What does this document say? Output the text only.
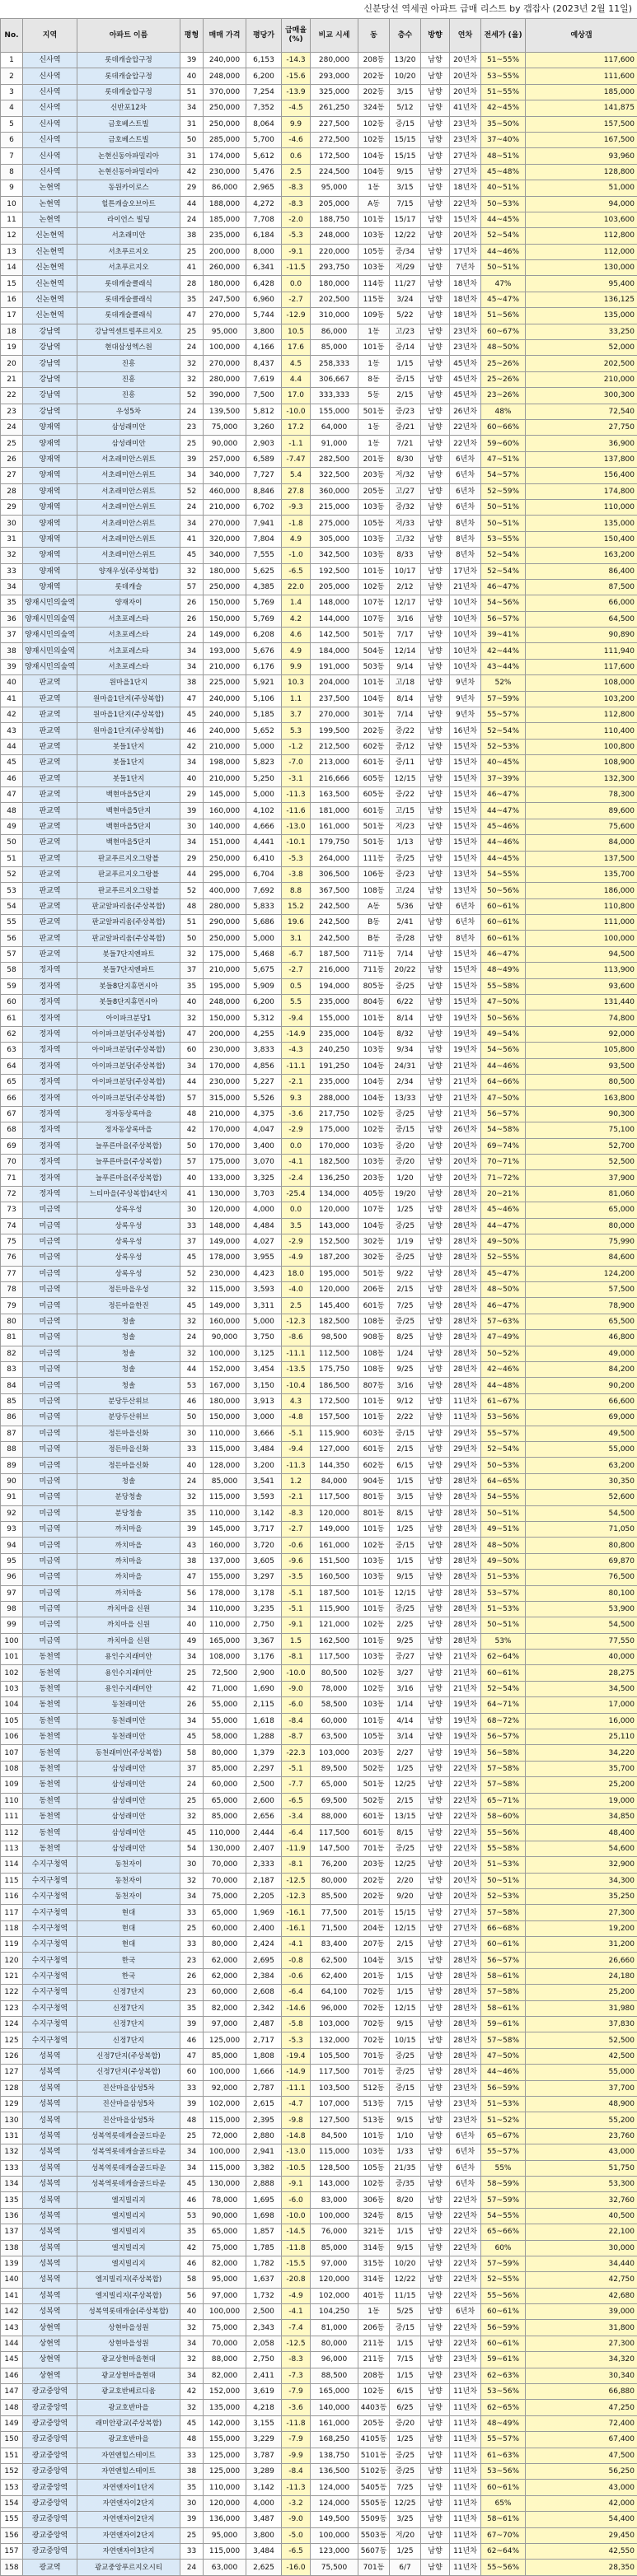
신분당선 역세권 아파트 급매 리스트 by 갭잡사 (2023년 2월 11일)
No.	지역	아파트 이름	평형	매매 가격	평당가	급매율 (%)	비교 시세	동	층수	방향	연차	전세가 (율)	예상갭
1	신사역	롯데캐슬압구정	39	240,000	6,153	-14.3	280,000	208동	13/20	남향	20년차	51~55%	117,600
2	신사역	롯데캐슬압구정	40	248,000	6,200	-15.6	293,000	202동	10/20	남향	20년차	53~55%	111,600
3	신사역	롯데캐슬압구정	51	370,000	7,254	-13.9	325,000	202동	3/15	남향	20년차	51~55%	185,000
4	신사역	신반포12차	34	250,000	7,352	-4.5	261,250	324동	5/12	남향	41년차	42~45%	141,875
5	신사역	금호베스트빌	31	250,000	8,064	9.9	227,500	102동	중/15	남향	23년차	35~50%	157,500
6	신사역	금호베스트빌	50	285,000	5,700	-4.6	272,500	102동	15/15	남향	23년차	37~40%	167,500
7	신사역	논현신동아파밀리아	31	174,000	5,612	0.6	172,500	104동	15/15	남향	27년차	48~51%	93,960
8	신사역	논현신동아파밀리아	42	230,000	5,476	2.5	224,500	104동	9/15	남향	27년차	45~48%	128,800
9	논현역	동원카이로스	29	86,000	2,965	-8.3	95,000	1동	3/15	남향	18년차	40~51%	51,000
10	논현역	힐튼캐슬오브아트	44	188,000	4,272	-8.3	205,000	A동	7/15	남향	22년차	50~53%	94,000
11	논현역	라이언스 빌딩	24	185,000	7,708	-2.0	188,750	101동	15/17	남향	15년차	44~45%	103,600
12	신논현역	서초래미안	38	235,000	6,184	-5.3	248,000	103동	12/22	남향	20년차	52~54%	112,800
13	신논현역	서초푸르지오	25	200,000	8,000	-9.1	220,000	105동	중/34	남향	17년차	44~46%	112,000
14	신논현역	서초푸르지오	41	260,000	6,341	-11.5	293,750	103동	저/29	남향	7년차	50~51%	130,000
15	신논현역	롯데캐슬클래식	28	180,000	6,428	0.0	180,000	114동	11/27	남향	18년차	47%	95,400
16	신논현역	롯데캐슬클래식	35	247,500	6,960	-2.7	202,500	115동	3/24	남향	18년차	45~47%	136,125
17	신논현역	롯데캐슬클래식	47	270,000	5,744	-12.9	310,000	109동	5/22	남향	18년차	51~56%	135,000
18	강남역	강남역센트럴푸르지오	25	95,000	3,800	10.5	86,000	1동	고/23	남향	23년차	60~67%	33,250
19	강남역	현대삼성엑스원	24	100,000	4,166	17.6	85,000	101동	중/14	남향	23년차	48~50%	52,000
20	강남역	진흥	32	270,000	8,437	4.5	258,333	1동	1/15	남향	45년차	25~26%	202,500
21	강남역	진흥	32	280,000	7,619	4.4	306,667	8동	중/15	남향	45년차	25~26%	210,000
22	강남역	진흥	52	390,000	7,500	17.0	333,333	5동	2/15	남향	45년차	23~26%	300,300
23	강남역	우성5차	24	139,500	5,812	-10.0	155,000	501동	중/23	남향	26년차	48%	72,540
24	양재역	삼성래미안	23	75,000	3,260	17.2	64,000	1동	중/21	남향	22년차	60~66%	27,750
25	양재역	삼성래미안	25	90,000	2,903	-1.1	91,000	1동	7/21	남향	22년차	59~60%	36,900
26	양재역	서초래미안스위트	39	257,000	6,589	-7.47	282,500	201동	8/30	남향	6년차	47~51%	137,800
27	양재역	서초래미안스위트	34	340,000	7,727	5.4	322,500	203동	저/32	남향	6년차	54~57%	156,400
28	양재역	서초래미안스위트	52	460,000	8,846	27.8	360,000	205동	고/27	남향	6년차	52~59%	174,800
29	양재역	서초래미안스위트	24	210,000	6,702	-9.3	215,000	103동	중/32	남향	6년차	50~51%	110,000
30	양재역	서초래미안스위트	34	270,000	7,941	-1.8	275,000	105동	저/33	남향	8년차	50~51%	135,000
31	양재역	서초래미안스위트	41	320,000	7,804	4.9	305,000	103동	고/32	남향	8년차	53~55%	150,400
32	양재역	서초래미안스위트	45	340,000	7,555	-1.0	342,500	103동	8/33	남향	8년차	52~54%	163,200
33	양재역	양재우성(주상복합)	32	180,000	5,625	-6.5	192,500	101동	10/17	남향	17년차	52~54%	86,400
34	양재역	롯데캐슬	57	250,000	4,385	22.0	205,000	102동	2/12	남향	21년차	46~47%	87,500
35	양재시민의숲역	양재자이	26	150,000	5,769	1.4	148,000	107동	12/17	남향	10년차	54~56%	66,000
36	양재시민의숲역	서초포레스타	26	150,000	5,769	4.2	144,000	107동	3/16	남향	10년차	56~57%	64,500
37	양재시민의숲역	서초포레스타	24	149,000	6,208	4.6	142,500	501동	7/17	남향	10년차	39~41%	90,890
38	양재시민의숲역	서초포레스타	34	193,000	5,676	4.9	184,000	504동	12/14	남향	10년차	42~44%	111,940
39	양재시민의숲역	서초포레스타	34	210,000	6,176	9.9	191,000	503동	9/14	남향	10년차	43~44%	117,600
40	판교역	원마을1단지	38	225,000	5,921	10.3	204,000	101동	고/18	남향	9년차	52%	108,000
41	판교역	원마을1단지(주상복합)	47	240,000	5,106	1.1	237,500	104동	8/14	남향	9년차	57~59%	103,200
42	판교역	원마을1단지(주상복합)	45	240,000	5,185	3.7	270,000	301동	7/14	남향	9년차	55~57%	112,800
43	판교역	원마을1단지(주상복합)	46	240,000	5,652	5.3	199,500	202동	중/22	남향	16년차	52~54%	110,400
44	판교역	봇들1단지	42	210,000	5,000	-1.2	212,500	602동	중/12	남향	15년차	52~53%	100,800
45	판교역	봇들1단지	34	198,000	5,823	-7.0	213,000	601동	중/11	남향	15년차	40~45%	108,900
46	판교역	봇들1단지	40	210,000	5,250	-3.1	216,666	605동	12/15	남향	15년차	37~39%	132,300
47	판교역	백현마을5단지	29	145,000	5,000	-11.3	163,500	605동	중/22	남향	15년차	46~47%	78,300
48	판교역	백현마을5단지	39	160,000	4,102	-11.6	181,000	601동	고/15	남향	15년차	44~47%	89,600
49	판교역	백현마을5단지	30	140,000	4,666	-13.0	161,000	501동	저/23	남향	15년차	45~46%	75,600
50	판교역	백현마을5단지	34	151,000	4,441	-10.1	179,750	501동	1/13	남향	15년차	44~46%	84,000
51	판교역	판교푸르지오그랑블	29	250,000	6,410	-5.3	264,000	111동	중/25	남향	15년차	44~45%	137,500
52	판교역	판교푸르지오그랑블	44	295,000	6,704	-3.8	306,500	106동	중/23	남향	13년차	54~55%	135,700
53	판교역	판교푸르지오그랑블	52	400,000	7,692	8.8	367,500	108동	고/24	남향	13년차	50~56%	186,000
54	판교역	판교알파리움(주상복합)	48	280,000	5,833	15.2	242,500	A동	5/36	남향	6년차	60~61%	110,800
55	판교역	판교알파리움(주상복합)	51	290,000	5,686	19.6	242,500	B동	2/41	남향	6년차	60~61%	111,000
56	판교역	판교알파리움(주상복합)	50	250,000	5,000	3.1	242,500	B동	중/28	남향	8년차	60~61%	100,000
57	판교역	봇들7단지엔파트	32	175,000	5,468	-6.7	187,500	711동	7/14	남향	15년차	46~47%	94,500
58	정자역	봇들7단지엔파트	37	210,000	5,675	-2.7	216,000	711동	20/22	남향	15년차	48~49%	113,900
59	정자역	봇들8단지휴먼시아	35	195,000	5,909	0.5	194,000	805동	중/25	남향	15년차	55~58%	93,600
60	정자역	봇들8단지휴먼시아	40	248,000	6,200	5.5	235,000	804동	6/22	남향	15년차	47~50%	131,440
61	정자역	아이파크분당1	32	150,000	5,312	-9.4	155,000	101동	8/14	남향	19년차	50~56%	74,800
62	정자역	아이파크분당(주상복합)	47	200,000	4,255	-14.9	235,000	104동	8/32	남향	19년차	49~54%	92,000
63	정자역	아이파크분당(주상복합)	60	230,000	3,833	-4.3	240,250	103동	9/34	남향	19년차	54~56%	105,800
64	정자역	아이파크분당(주상복합)	34	170,000	4,856	-11.1	191,250	104동	24/31	남향	21년차	44~46%	93,500
65	정자역	아이파크분당(주상복합)	44	230,000	5,227	-2.1	235,000	104동	2/34	남향	21년차	64~66%	80,500
66	정자역	아이파크분당(주상복합)	57	315,000	5,526	9.3	288,000	104동	13/33	남향	21년차	47~50%	163,800
67	정자역	정자동상록마을	48	210,000	4,375	-3.6	217,750	102동	중/25	남향	21년차	56~57%	90,300
68	정자역	정자동상록마을	42	170,000	4,047	-2.9	175,000	102동	중/15	남향	26년차	54~58%	75,100
69	정자역	늘푸른마을(주상복합)	50	170,000	3,400	0.0	170,000	103동	중/20	남향	20년차	69~74%	52,700
70	정자역	늘푸른마을(주상복합)	57	175,000	3,070	-4.1	182,500	103동	중/20	남향	20년차	70~71%	52,500
71	정자역	늘푸른마을(주상복합)	40	133,000	3,325	-2.4	136,250	203동	1/20	남향	20년차	71~72%	37,900
72	정자역	느티마을(주상복합)4단지	41	130,000	3,703	-25.4	134,000	405동	19/20	남향	28년차	20~21%	81,060
73	미금역	상록우성	30	120,000	4,000	0.0	120,000	107동	1/25	남향	28년차	45~46%	65,000
74	미금역	상록우성	33	148,000	4,484	3.5	143,000	104동	중/25	남향	28년차	44~47%	80,000
75	미금역	상록우성	37	149,000	4,027	-2.9	152,500	302동	1/19	남향	28년차	49~50%	75,990
76	미금역	상록우성	45	178,000	3,955	-4.9	187,200	302동	중/25	남향	28년차	52~55%	84,600
77	미금역	상록우성	52	230,000	4,423	18.0	195,000	501동	9/22	남향	28년차	45~47%	124,200
78	미금역	정든마을우성	32	115,000	3,593	-4.0	120,000	206동	2/15	남향	28년차	48~50%	57,500
79	미금역	정든마을한진	45	149,000	3,311	2.5	145,400	601동	7/25	남향	28년차	46~47%	78,900
80	미금역	청솔	32	160,000	5,000	-12.3	182,500	108동	중/25	남향	28년차	57~63%	65,500
81	미금역	청솔	24	90,000	3,750	-8.6	98,500	908동	8/25	남향	28년차	47~49%	46,800
82	미금역	청솔	32	100,000	3,125	-11.1	112,500	108동	1/24	남향	28년차	50~52%	49,000
83	미금역	청솔	44	152,000	3,454	-13.5	175,750	108동	9/25	남향	28년차	42~46%	84,200
84	미금역	청솔	53	167,000	3,150	-10.4	186,500	807동	3/16	남향	28년차	44~48%	90,200
85	미금역	분당두산위브	46	180,000	3,913	4.3	172,500	101동	9/12	남향	11년차	61~67%	66,600
86	미금역	분당두산위브	50	150,000	3,000	-4.8	157,500	101동	2/22	남향	11년차	53~56%	69,000
87	미금역	정든마을신화	30	110,000	3,666	-5.1	115,900	603동	중/15	남향	29년차	55~57%	49,500
88	미금역	정든마을신화	33	115,000	3,484	-9.4	127,000	601동	2/15	남향	29년차	52~54%	55,000
89	미금역	정든마을신화	40	128,000	3,200	-11.3	144,350	602동	6/15	남향	29년차	50~53%	63,200
90	미금역	청솔	24	85,000	3,541	1.2	84,000	904동	1/15	남향	28년차	64~65%	30,350
91	미금역	분당청솔	32	115,000	3,593	-2.1	117,500	801동	3/15	남향	28년차	54~55%	52,600
92	미금역	분당청솔	35	110,000	3,142	-8.3	120,000	801동	8/15	남향	28년차	50~51%	54,500
93	미금역	까치마을	39	145,000	3,717	-2.7	149,000	101동	1/25	남향	28년차	49~51%	71,050
94	미금역	까치마을	43	160,000	3,720	-0.6	161,000	102동	중/15	남향	28년차	48~50%	80,800
95	미금역	까치마을	38	137,000	3,605	-9.6	151,500	103동	1/15	남향	28년차	49~50%	69,870
96	미금역	까치마을	47	155,000	3,297	-3.5	160,500	103동	9/15	남향	28년차	51~53%	76,500
97	미금역	까치마을	56	178,000	3,178	-5.1	187,500	101동	12/15	남향	28년차	53~57%	80,100
98	미금역	까치마을 신원	34	110,000	3,235	-5.1	115,900	101동	중/25	남향	28년차	51~53%	53,900
99	미금역	까치마을 신원	40	110,000	2,750	-9.1	121,000	102동	2/25	남향	28년차	50~51%	54,500
100	미금역	까치마을 신원	49	165,000	3,367	1.5	162,500	101동	9/25	남향	28년차	53%	77,550
101	동천역	용인수지래미안	34	108,000	3,176	-8.1	117,500	103동	중/27	남향	21년차	62~64%	40,000
102	동천역	용인수지래미안	25	72,500	2,900	-10.0	80,500	102동	3/27	남향	21년차	60~61%	28,275
103	동천역	용인수지래미안	42	71,000	1,690	-9.0	78,000	102동	3/16	남향	21년차	52~54%	34,500
104	동천역	동천래미안	26	55,000	2,115	-6.0	58,500	103동	1/14	남향	19년차	64~71%	17,000
105	동천역	동천래미안	34	55,000	1,618	-8.4	60,000	101동	4/14	남향	19년차	68~72%	16,000
106	동천역	동천래미안	45	58,000	1,288	-8.7	63,500	105동	3/14	남향	19년차	56~57%	25,110
107	동천역	동천래미안(주상복합)	58	80,000	1,379	-22.3	103,000	203동	2/27	남향	19년차	56~58%	34,220
108	동천역	삼성래미안	37	85,000	2,297	-5.1	89,500	502동	1/25	남향	22년차	57~58%	35,700
109	동천역	삼성래미안	24	60,000	2,500	-7.7	65,000	501동	12/25	남향	22년차	57~58%	25,200
110	동천역	삼성래미안	25	65,000	2,600	-6.5	69,500	502동	2/15	남향	22년차	65~71%	19,000
111	동천역	삼성래미안	32	85,000	2,656	-3.4	88,000	601동	13/15	남향	22년차	58~60%	34,850
112	동천역	삼성래미안	45	110,000	2,444	-6.4	117,500	601동	8/15	남향	22년차	55~56%	48,400
113	동천역	삼성래미안	54	130,000	2,407	-11.9	147,500	701동	중/25	남향	22년차	55~58%	54,600
114	수지구청역	동천자이	30	70,000	2,333	-8.1	76,200	203동	12/25	남향	20년차	51~53%	32,900
115	수지구청역	동천자이	32	70,000	2,187	-12.5	80,000	202동	2/20	남향	20년차	50~51%	34,300
116	수지구청역	동천자이	34	75,000	2,205	-12.3	85,500	202동	9/20	남향	20년차	52~53%	35,250
117	수지구청역	현대	33	65,000	1,969	-16.1	77,500	201동	15/15	남향	27년차	57~58%	27,300
118	수지구청역	현대	25	60,000	2,400	-16.1	71,500	204동	12/15	남향	27년차	66~68%	19,200
119	수지구청역	현대	33	80,000	2,424	-4.1	83,400	207동	2/15	남향	27년차	60~61%	31,200
120	수지구청역	한국	23	62,000	2,695	-0.8	62,500	104동	3/15	남향	28년차	56~57%	26,660
121	수지구청역	한국	26	62,000	2,384	-0.6	62,400	201동	1/15	남향	28년차	58~61%	24,180
122	수지구청역	신정7단지	23	60,000	2,608	-6.4	64,100	702동	1/15	남향	28년차	57~58%	25,200
123	수지구청역	신정7단지	35	82,000	2,342	-14.6	96,000	702동	12/15	남향	28년차	58~61%	31,980
124	수지구청역	신정7단지	39	97,000	2,487	-5.8	103,000	702동	9/15	남향	28년차	59~61%	37,830
125	수지구청역	신정7단지	46	125,000	2,717	-5.3	132,000	702동	10/15	남향	28년차	57~58%	52,500
126	성복역	신정7단지(주상복합)	47	85,000	1,808	-19.4	105,500	701동	중/25	남향	28년차	47~50%	42,500
127	성복역	신정7단지(주상복합)	60	100,000	1,666	-14.9	117,500	701동	중/25	남향	28년차	44~46%	55,000
128	성복역	진산마을삼성5차	33	92,000	2,787	-11.1	103,500	512동	중/15	남향	23년차	56~59%	37,700
129	성복역	진산마을삼성5차	39	102,000	2,615	-4.7	107,000	513동	7/15	남향	23년차	51~53%	48,900
130	성복역	진산마을삼성5차	48	115,000	2,395	-9.8	127,500	513동	9/15	남향	23년차	51~52%	55,200
131	성복역	성복역롯데캐슬골드타운	25	72,000	2,880	-14.8	84,500	101동	1/10	남향	6년차	65~67%	23,760
132	성복역	성복역롯데캐슬골드타운	34	100,000	2,941	-13.0	115,000	103동	1/33	남향	6년차	55~57%	43,000
133	성복역	성복역롯데캐슬골드타운	34	115,000	3,382	-10.5	128,500	105동	21/35	남향	6년차	55%	51,750
134	성복역	성복역롯데캐슬골드타운	45	130,000	2,888	-9.1	143,000	102동	중/35	남향	6년차	58~59%	53,300
135	성복역	엘지빌리지	46	78,000	1,695	-6.0	83,000	306동	8/20	남향	22년차	57~59%	32,760
136	성복역	엘지빌리지	53	90,000	1,698	-10.0	100,000	324동	8/15	남향	22년차	54~55%	40,500
137	성복역	엘지빌리지	35	65,000	1,857	-14.5	76,000	321동	1/15	남향	22년차	65~66%	22,100
138	성복역	엘지빌리지	42	75,000	1,785	-11.8	85,000	314동	9/15	남향	22년차	60%	30,000
139	성복역	엘지빌리지	46	82,000	1,782	-15.5	97,000	315동	10/20	남향	22년차	57~59%	34,440
140	성복역	엘지빌리지(주상복합)	58	95,000	1,637	-20.8	120,000	314동	12/22	남향	22년차	52~55%	42,750
141	성복역	엘지빌리지(주상복합)	56	97,000	1,732	-4.9	102,000	401동	11/15	남향	22년차	55~56%	42,680
142	성복역	성복역롯데캐슬(주상복합)	40	100,000	2,500	-4.1	104,250	1동	5/25	남향	6년차	60~61%	39,000
143	상현역	상현마을성원	32	75,000	2,343	-7.4	81,000	206동	중/15	남향	22년차	56~59%	31,800
144	상현역	상현마을성원	34	70,000	2,058	-12.5	80,000	211동	1/15	남향	22년차	60~61%	27,300
145	상현역	광교상현마을현대	32	88,000	2,750	-8.3	96,000	211동	7/15	남향	23년차	59~61%	34,320
146	상현역	광교상현마을현대	34	82,000	2,411	-7.3	88,500	208동	1/15	남향	23년차	62~63%	30,340
147	광교중앙역	광교호반베르디움	42	152,000	3,619	-7.9	165,000	102동	6/15	남향	11년차	53~56%	66,880
148	광교중앙역	광교호반마을	32	135,000	4,218	-3.6	140,000	4403동	6/25	남향	11년차	62~65%	47,250
149	광교중앙역	래미안광교(주상복합)	45	142,000	3,155	-11.8	161,000	205동	중/20	남향	11년차	48~49%	72,400
150	광교중앙역	광교호반마을	48	155,000	3,229	-7.9	168,250	4105동	1/25	남향	11년차	55~57%	67,400
151	광교중앙역	자연앤힐스테이트	33	125,000	3,787	-9.9	138,750	5101동	중/25	남향	11년차	61~63%	47,500
152	광교중앙역	자연앤힐스테이트	38	125,000	3,289	-8.4	136,500	5102동	중/25	남향	11년차	53~56%	56,250
153	광교중앙역	자연앤자이1단지	35	110,000	3,142	-11.3	124,000	5405동	7/25	남향	11년차	60~61%	43,000
154	광교중앙역	자연앤자이2단지	30	120,000	4,000	-3.2	124,000	5505동	12/25	남향	11년차	65%	42,000
155	광교중앙역	자연앤자이2단지	39	136,000	3,487	-9.0	149,500	5509동	3/25	남향	11년차	58~61%	54,400
156	광교중앙역	자연앤자이2단지	25	95,000	3,800	-5.0	100,000	5503동	저/20	남향	11년차	67~70%	29,450
157	광교중앙역	자연앤자이3단지	33	115,000	3,484	-6.5	123,000	5607동	1/25	남향	11년차	62~64%	42,550
158	광교역	광교중앙푸르지오시티	24	63,000	2,625	-16.0	75,500	701동	6/7	남향	11년차	55~56%	28,350
